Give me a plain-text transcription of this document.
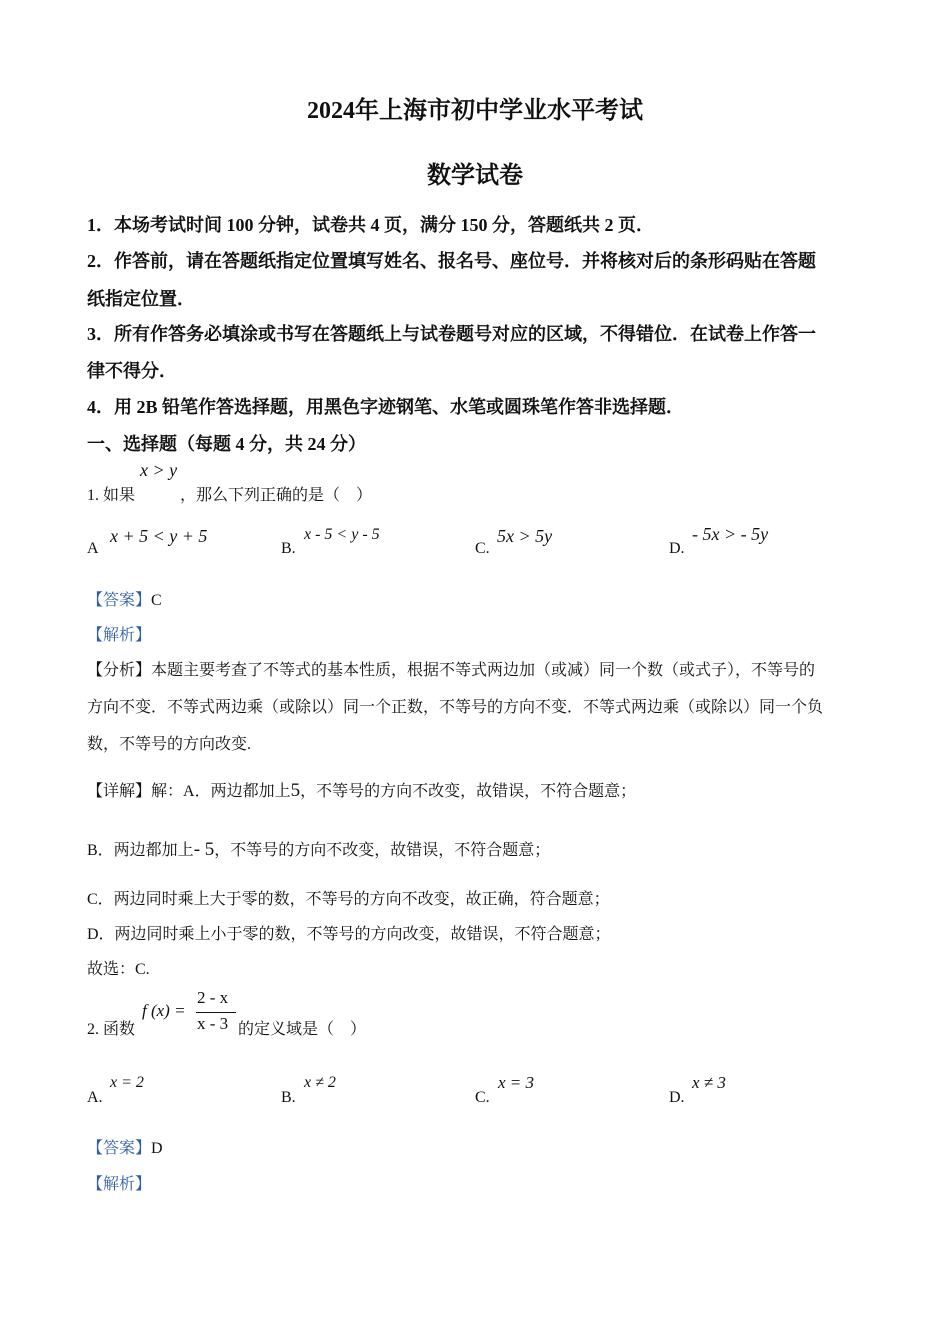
2024年上海市初中学业水平考试
数学试卷
1．本场考试时间 100 分钟，试卷共 4 页，满分 150 分，答题纸共 2 页．
2．作答前，请在答题纸指定位置填写姓名、报名号、座位号．并将核对后的条形码贴在答题
纸指定位置．
3．所有作答务必填涂或书写在答题纸上与试卷题号对应的区域，不得错位．在试卷上作答一
律不得分．
4．用 2B 铅笔作答选择题，用黑色字迹钢笔、水笔或圆珠笔作答非选择题．
一、选择题（每题 4 分，共 24 分）
x > y
1. 如果	，那么下列正确的是（　）
A
x + 5 < y + 5
B.
x - 5 < y - 5
C.
5x > 5y
D.
- 5x > - 5y
【答案】C
【解析】
【分析】本题主要考查了不等式的基本性质，根据不等式两边加（或减）同一个数（或式子），不等号的
方向不变．不等式两边乘（或除以）同一个正数，不等号的方向不变．不等式两边乘（或除以）同一个负
数，不等号的方向改变.
【详解】解：A．两边都加上5，不等号的方向不改变，故错误，不符合题意；
B．两边都加上- 5，不等号的方向不改变，故错误，不符合题意；
C．两边同时乘上大于零的数，不等号的方向不改变，故正确，符合题意；
D．两边同时乘上小于零的数，不等号的方向改变，故错误，不符合题意；
故选：C.
2. 函数
f (x) =
2 - x
x - 3 的定义域是（　）
A.
x = 2
B.
x ≠ 2
C.
x = 3
D.
x ≠ 3
【答案】D
【解析】
